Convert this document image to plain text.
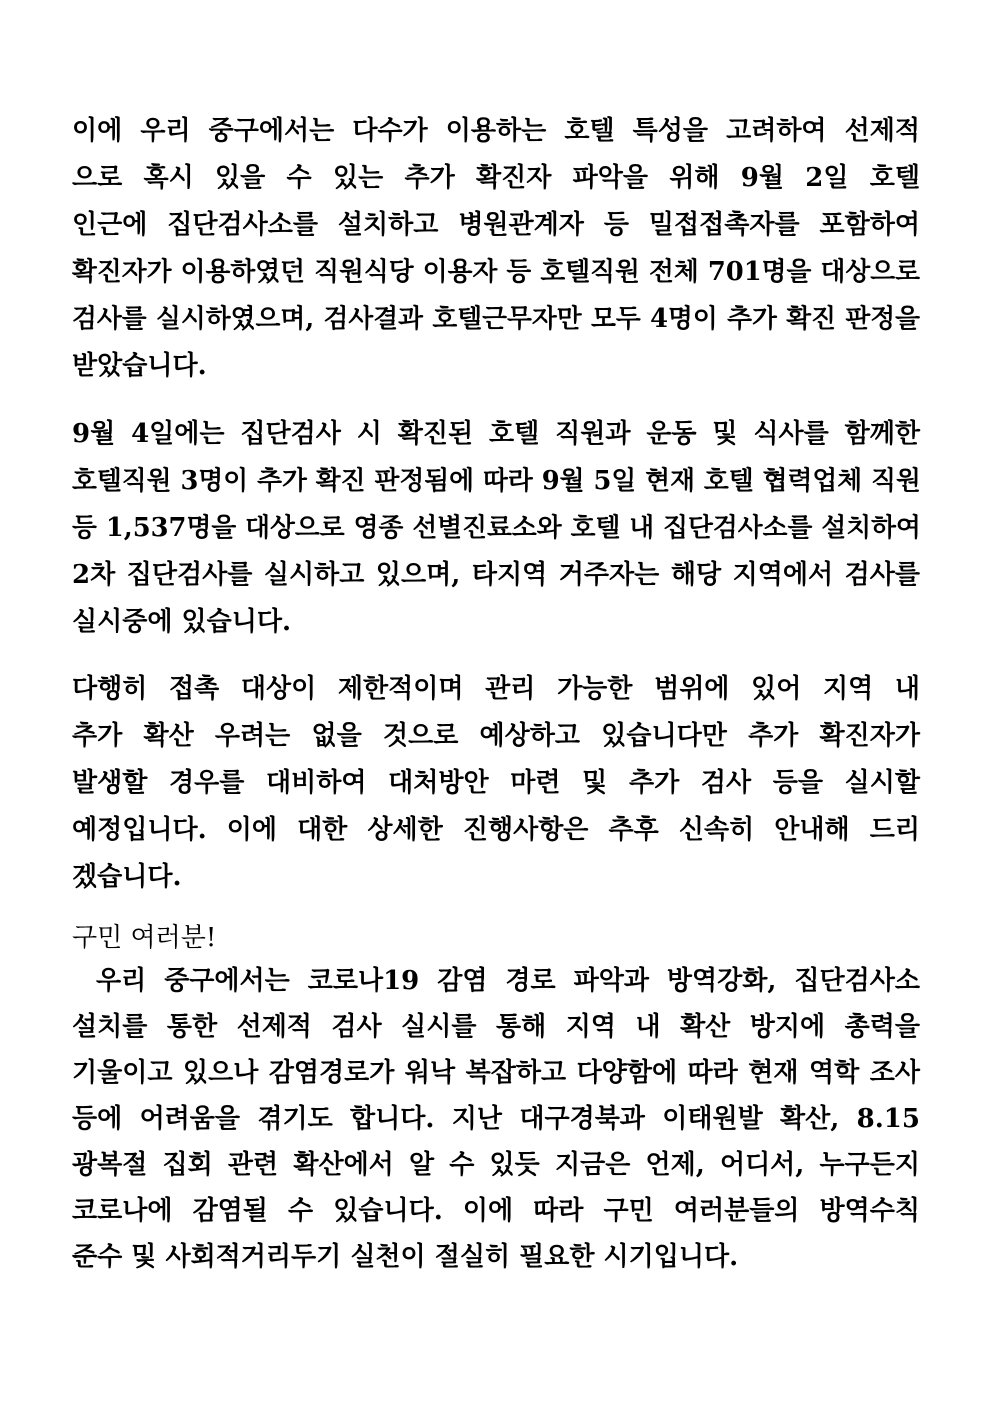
이에 우리 중구에서는 다수가 이용하는 호텔 특성을 고려하여 선제적
으로 혹시 있을 수 있는 추가 확진자 파악을 위해 9월 2일 호텔
인근에 집단검사소를 설치하고 병원관계자 등 밀접접촉자를 포함하여
확진자가 이용하였던 직원식당 이용자 등 호텔직원 전체 701명을 대상으로
검사를 실시하였으며, 검사결과 호텔근무자만 모두 4명이 추가 확진 판정을
받았습니다.
9월 4일에는 집단검사 시 확진된 호텔 직원과 운동 및 식사를 함께한
호텔직원 3명이 추가 확진 판정됨에 따라 9월 5일 현재 호텔 협력업체 직원
등 1,537명을 대상으로 영종 선별진료소와 호텔 내 집단검사소를 설치하여
2차 집단검사를 실시하고 있으며, 타지역 거주자는 해당 지역에서 검사를
실시중에 있습니다.
다행히 접촉 대상이 제한적이며 관리 가능한 범위에 있어 지역 내
추가 확산 우려는 없을 것으로 예상하고 있습니다만 추가 확진자가
발생할 경우를 대비하여 대처방안 마련 및 추가 검사 등을 실시할
예정입니다. 이에 대한 상세한 진행사항은 추후 신속히 안내해 드리
겠습니다.
구민 여러분!
우리 중구에서는 코로나19 감염 경로 파악과 방역강화, 집단검사소
설치를 통한 선제적 검사 실시를 통해 지역 내 확산 방지에 총력을
기울이고 있으나 감염경로가 워낙 복잡하고 다양함에 따라 현재 역학 조사
등에 어려움을 겪기도 합니다. 지난 대구경북과 이태원발 확산, 8.15
광복절 집회 관련 확산에서 알 수 있듯 지금은 언제, 어디서, 누구든지
코로나에 감염될 수 있습니다. 이에 따라 구민 여러분들의 방역수칙
준수 및 사회적거리두기 실천이 절실히 필요한 시기입니다.
